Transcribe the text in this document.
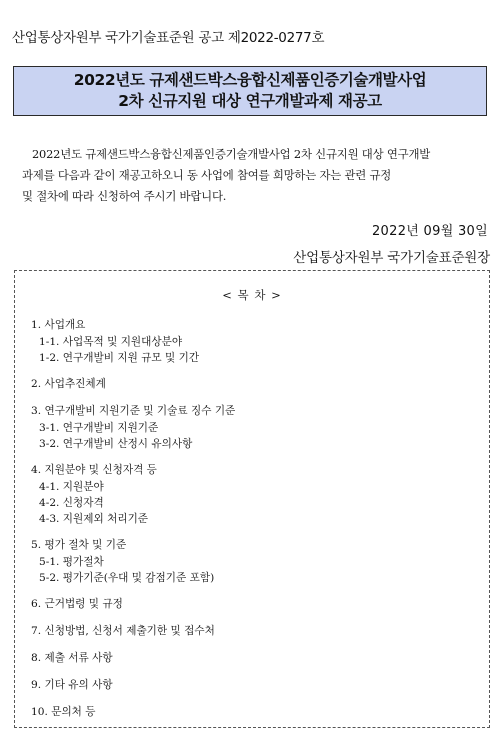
산업통상자원부 국가기술표준원 공고 제2022-0277호
2022년도 규제샌드박스융합신제품인증기술개발사업
2차 신규지원 대상 연구개발과제 재공고
2022년도 규제샌드박스융합신제품인증기술개발사업 2차 신규지원 대상 연구개발
과제를 다음과 같이 재공고하오니 동 사업에 참여를 희망하는 자는 관련 규정
및 절차에 따라 신청하여 주시기 바랍니다.
2022년 09월 30일
산업통상자원부 국가기술표준원장
< 목 차 >
1. 사업개요
1-1. 사업목적 및 지원대상분야
1-2. 연구개발비 지원 규모 및 기간
2. 사업추진체계
3. 연구개발비 지원기준 및 기술료 징수 기준
3-1. 연구개발비 지원기준
3-2. 연구개발비 산정시 유의사항
4. 지원분야 및 신청자격 등
4-1. 지원분야
4-2. 신청자격
4-3. 지원제외 처리기준
5. 평가 절차 및 기준
5-1. 평가절차
5-2. 평가기준(우대 및 감점기준 포함)
6. 근거법령 및 규정
7. 신청방법, 신청서 제출기한 및 접수처
8. 제출 서류 사항
9. 기타 유의 사항
10. 문의처 등
